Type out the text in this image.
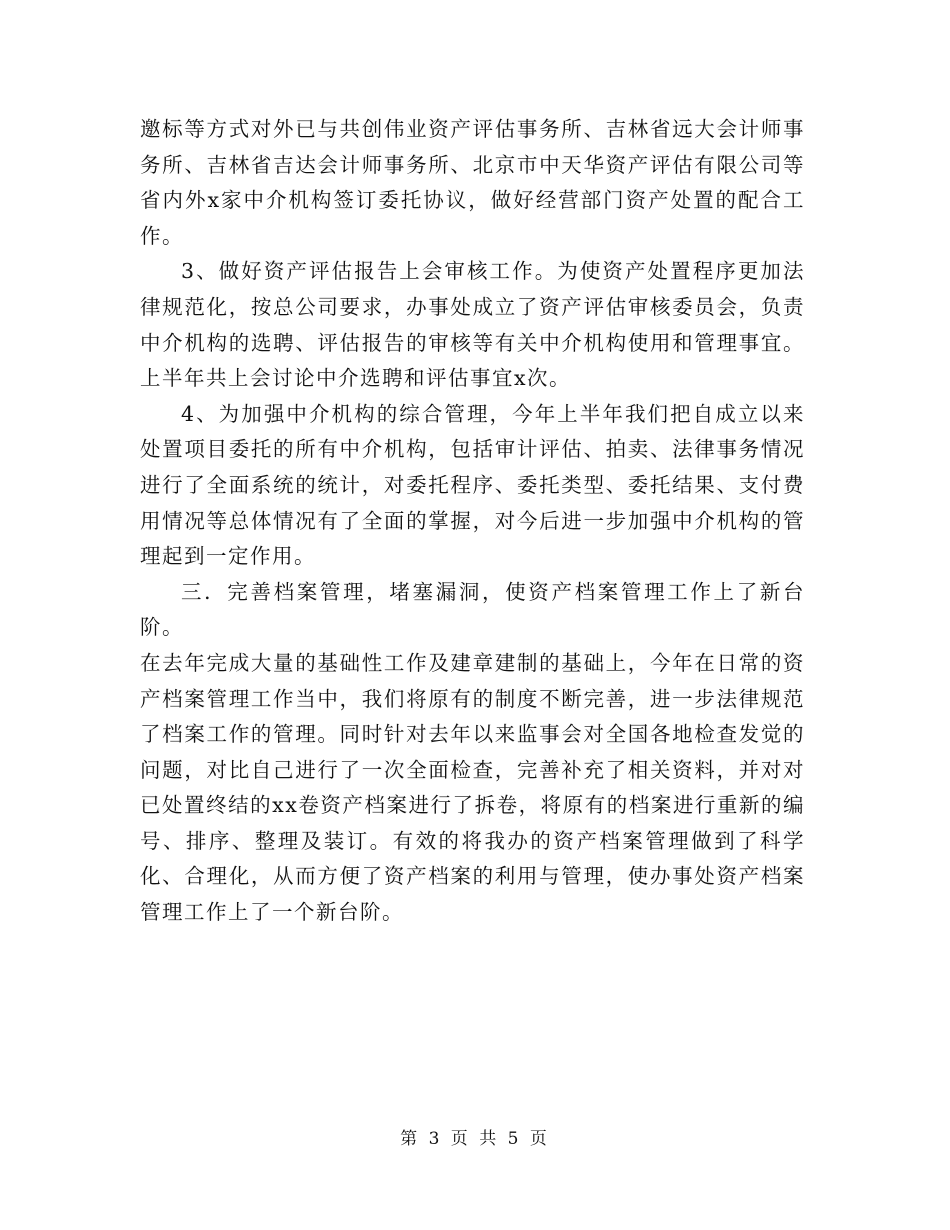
邀标等方式对外已与共创伟业资产评估事务所、吉林省远大会计师事务所、吉林省吉达会计师事务所、北京市中天华资产评估有限公司等省内外x家中介机构签订委托协议，做好经营部门资产处置的配合工作。

3、做好资产评估报告上会审核工作。为使资产处置程序更加法律规范化，按总公司要求，办事处成立了资产评估审核委员会，负责中介机构的选聘、评估报告的审核等有关中介机构使用和管理事宜。上半年共上会讨论中介选聘和评估事宜x次。

4、为加强中介机构的综合管理，今年上半年我们把自成立以来处置项目委托的所有中介机构，包括审计评估、拍卖、法律事务情况进行了全面系统的统计，对委托程序、委托类型、委托结果、支付费用情况等总体情况有了全面的掌握，对今后进一步加强中介机构的管理起到一定作用。

三．完善档案管理，堵塞漏洞，使资产档案管理工作上了新台阶。

在去年完成大量的基础性工作及建章建制的基础上，今年在日常的资产档案管理工作当中，我们将原有的制度不断完善，进一步法律规范了档案工作的管理。同时针对去年以来监事会对全国各地检查发觉的问题，对比自己进行了一次全面检查，完善补充了相关资料，并对对已处置终结的xx卷资产档案进行了拆卷，将原有的档案进行重新的编号、排序、整理及装订。有效的将我办的资产档案管理做到了科学化、合理化，从而方便了资产档案的利用与管理，使办事处资产档案管理工作上了一个新台阶。

第 3 页 共 5 页
